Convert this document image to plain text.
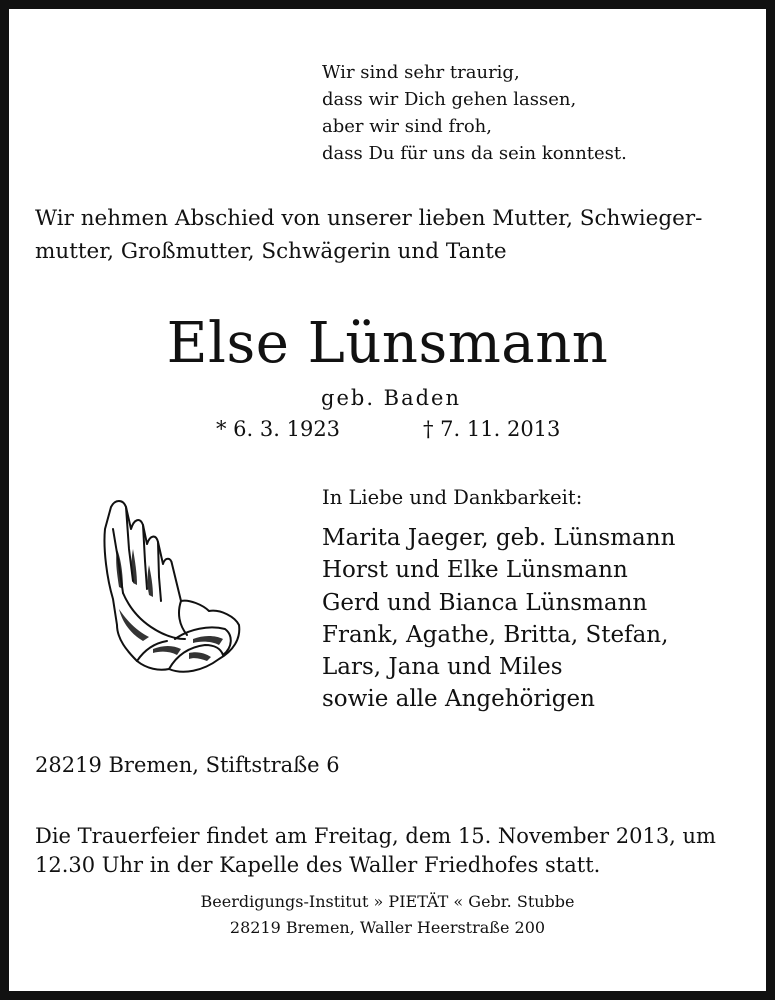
Wir sind sehr traurig,
dass wir Dich gehen lassen,
aber wir sind froh,
dass Du für uns da sein konntest.
Wir nehmen Abschied von unserer lieben Mutter, Schwieger-
mutter, Großmutter, Schwägerin und Tante
Else Lünsmann
geb. Baden
* 6. 3. 1923	† 7. 11. 2013
In Liebe und Dankbarkeit:
Marita Jaeger, geb. Lünsmann
Horst und Elke Lünsmann
Gerd und Bianca Lünsmann
Frank, Agathe, Britta, Stefan,
Lars, Jana und Miles
sowie alle Angehörigen
28219 Bremen, Stiftstraße 6
Die Trauerfeier findet am Freitag, dem 15. November 2013, um
12.30 Uhr in der Kapelle des Waller Friedhofes statt.
Beerdigungs-Institut » PIETÄT « Gebr. Stubbe
28219 Bremen, Waller Heerstraße 200
